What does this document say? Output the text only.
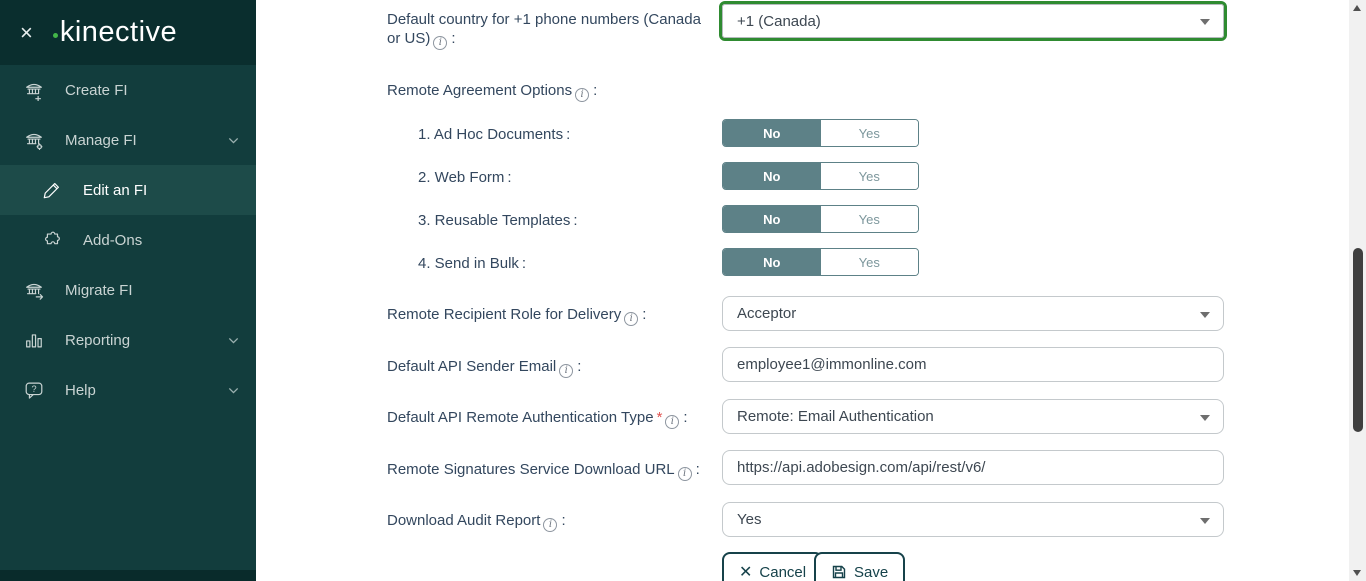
× kinective
Create FI
Manage FI
Edit an FI
Add-Ons
Migrate FI
Reporting
? Help
Default country for +1 phone numbers (Canada or US) i :
+1 (Canada)
Remote Agreement Options i :
1. Ad Hoc Documents :	No	Yes
2. Web Form :	No	Yes
3. Reusable Templates :	No	Yes
4. Send in Bulk :	No	Yes
Remote Recipient Role for Delivery i :	Acceptor
Default API Sender Email i :
employee1@immonline.com
Default API Remote Authentication Type * i :	Remote: Email Authentication
Remote Signatures Service Download URL i :
https://api.adobesign.com/api/rest/v6/
Download Audit Report i :	Yes
✕ Cancel	Save
